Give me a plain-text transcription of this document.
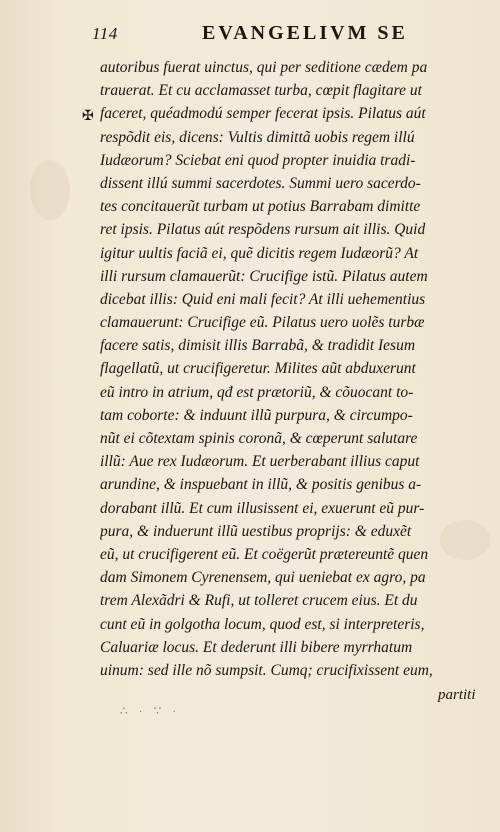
114	EVANGELIVM SE
✠
autoribus fuerat uinctus, qui per seditione cædem pa
trauerat. Et cu acclamasset turba, cœpit flagitare ut
faceret, quéadmodú semper fecerat ipsis. Pilatus aút
respõdit eis, dicens: Vultis dimittã uobis regem illú
Iudæorum? Sciebat eni quod propter inuidia tradi-
dissent illú summi sacerdotes. Summi uero sacerdo-
tes concitauerũt turbam ut potius Barrabam dimitte
ret ipsis. Pilatus aút respõdens rursum ait illis. Quid
igitur uultis faciã ei, quẽ dicitis regem Iudæorũ? At
illi rursum clamauerũt: Crucifige istũ. Pilatus autem
dicebat illis: Quid eni mali fecit? At illi uehementius
clamauerunt: Crucifige eũ. Pilatus uero uolẽs turbæ
facere satis, dimisit illis Barrabã, & tradidit Iesum
flagellatũ, ut crucifigeretur. Milites aũt abduxerunt
eũ intro in atrium, qđ est prætoriũ, & cõuocant to-
tam coborte: & induunt illũ purpura, & circumpo-
nũt ei cõtextam spinis coronã, & cœperunt salutare
illũ: Aue rex Iudæorum. Et uerberabant illius caput
arundine, & inspuebant in illũ, & positis genibus a-
dorabant illũ. Et cum illusissent ei, exuerunt eũ pur-
pura, & induerunt illũ uestibus proprijs: & eduxẽt
eũ, ut crucifigerent eũ. Et coëgerũt prætereuntẽ quen
dam Simonem Cyrenensem, qui ueniebat ex agro, pa
trem Alexãdri & Rufi, ut tolleret crucem eius. Et du
cunt eũ in golgotha locum, quod est, si interpreteris,
Caluariæ locus. Et dederunt illi bibere myrrhatum
uinum: sed ille nõ sumpsit. Cumq; crucifixissent eum,
partiti
∴ · ∵ ·
